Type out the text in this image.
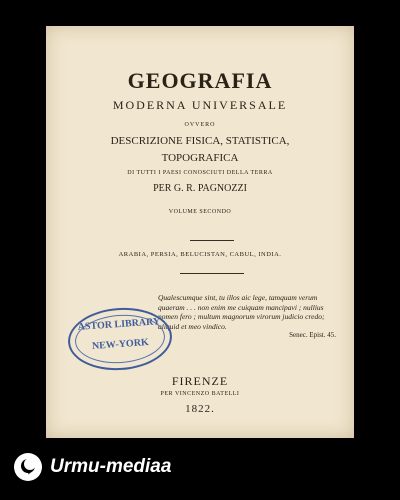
GEOGRAFIA
MODERNA UNIVERSALE
OVVERO
DESCRIZIONE FISICA, STATISTICA,
TOPOGRAFICA
DI TUTTI I PAESI CONOSCIUTI DELLA TERRA
PER G. R. PAGNOZZI
VOLUME SECONDO
ARABIA, PERSIA, BELUCISTAN, CABUL, INDIA.
Qualescumque sint, tu illos aic lege, tamquam verum quaeram . . . non enim me cuiquam mancipavi ; nullius nomen fero ; multum magnorum virorum judicio credo; aliquid et meo vindico.
Senec. Epist. 45.
ASTOR LIBRARY
NEW-YORK
FIRENZE
PER VINCENZO BATELLI
1822.
✦ Urmu-mediaa
